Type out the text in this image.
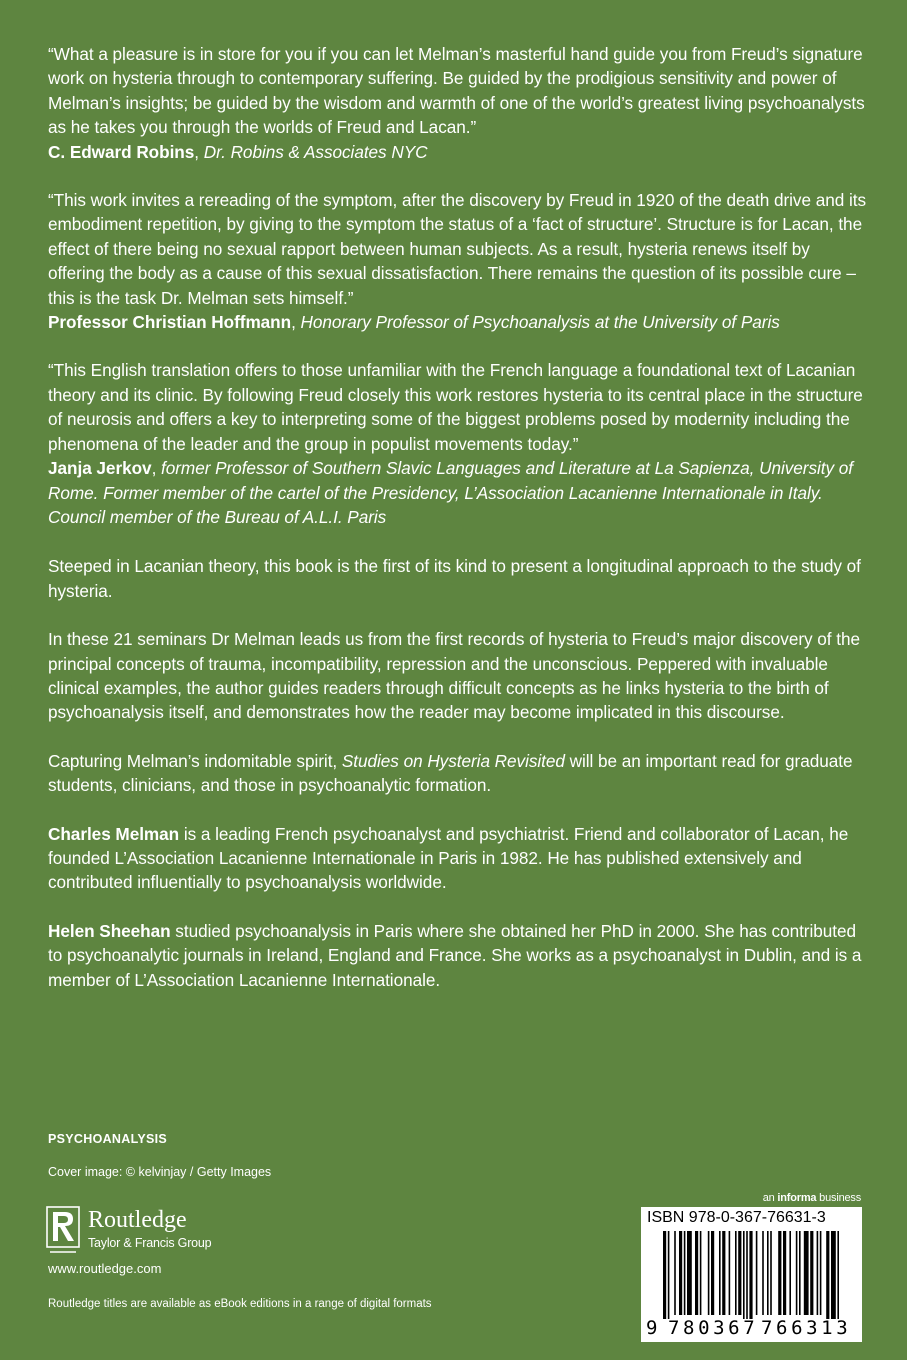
“What a pleasure is in store for you if you can let Melman’s masterful hand guide you from Freud’s signature work on hysteria through to contemporary suffering. Be guided by the prodigious sensitivity and power of Melman’s insights; be guided by the wisdom and warmth of one of the world’s greatest living psychoanalysts as he takes you through the worlds of Freud and Lacan.”

C. Edward Robins, Dr. Robins & Associates NYC

“This work invites a rereading of the symptom, after the discovery by Freud in 1920 of the death drive and its embodiment repetition, by giving to the symptom the status of a ‘fact of structure’. Structure is for Lacan, the effect of there being no sexual rapport between human subjects. As a result, hysteria renews itself by offering the body as a cause of this sexual dissatisfaction. There remains the question of its possible cure – this is the task Dr. Melman sets himself.”

Professor Christian Hoffmann, Honorary Professor of Psychoanalysis at the University of Paris

“This English translation offers to those unfamiliar with the French language a foundational text of Lacanian theory and its clinic. By following Freud closely this work restores hysteria to its central place in the structure of neurosis and offers a key to interpreting some of the biggest problems posed by modernity including the phenomena of the leader and the group in populist movements today.”

Janja Jerkov, former Professor of Southern Slavic Languages and Literature at La Sapienza, University of Rome. Former member of the cartel of the Presidency, L’Association Lacanienne Internationale in Italy. Council member of the Bureau of A.L.I. Paris

Steeped in Lacanian theory, this book is the first of its kind to present a longitudinal approach to the study of hysteria.

In these 21 seminars Dr Melman leads us from the first records of hysteria to Freud’s major discovery of the principal concepts of trauma, incompatibility, repression and the unconscious. Peppered with invaluable clinical examples, the author guides readers through difficult concepts as he links hysteria to the birth of psychoanalysis itself, and demonstrates how the reader may become implicated in this discourse.

Capturing Melman’s indomitable spirit, Studies on Hysteria Revisited will be an important read for graduate students, clinicians, and those in psychoanalytic formation.

Charles Melman is a leading French psychoanalyst and psychiatrist. Friend and collaborator of Lacan, he founded L’Association Lacanienne Internationale in Paris in 1982. He has published extensively and contributed influentially to psychoanalysis worldwide.

Helen Sheehan studied psychoanalysis in Paris where she obtained her PhD in 2000. She has contributed to psychoanalytic journals in Ireland, England and France. She works as a psychoanalyst in Dublin, and is a member of L’Association Lacanienne Internationale.

PSYCHOANALYSIS
Cover image: © kelvinjay / Getty Images
Routledge
Taylor & Francis Group
www.routledge.com
Routledge titles are available as eBook editions in a range of digital formats
an informa business
ISBN 978-0-367-76631-3
9 780367 766313
